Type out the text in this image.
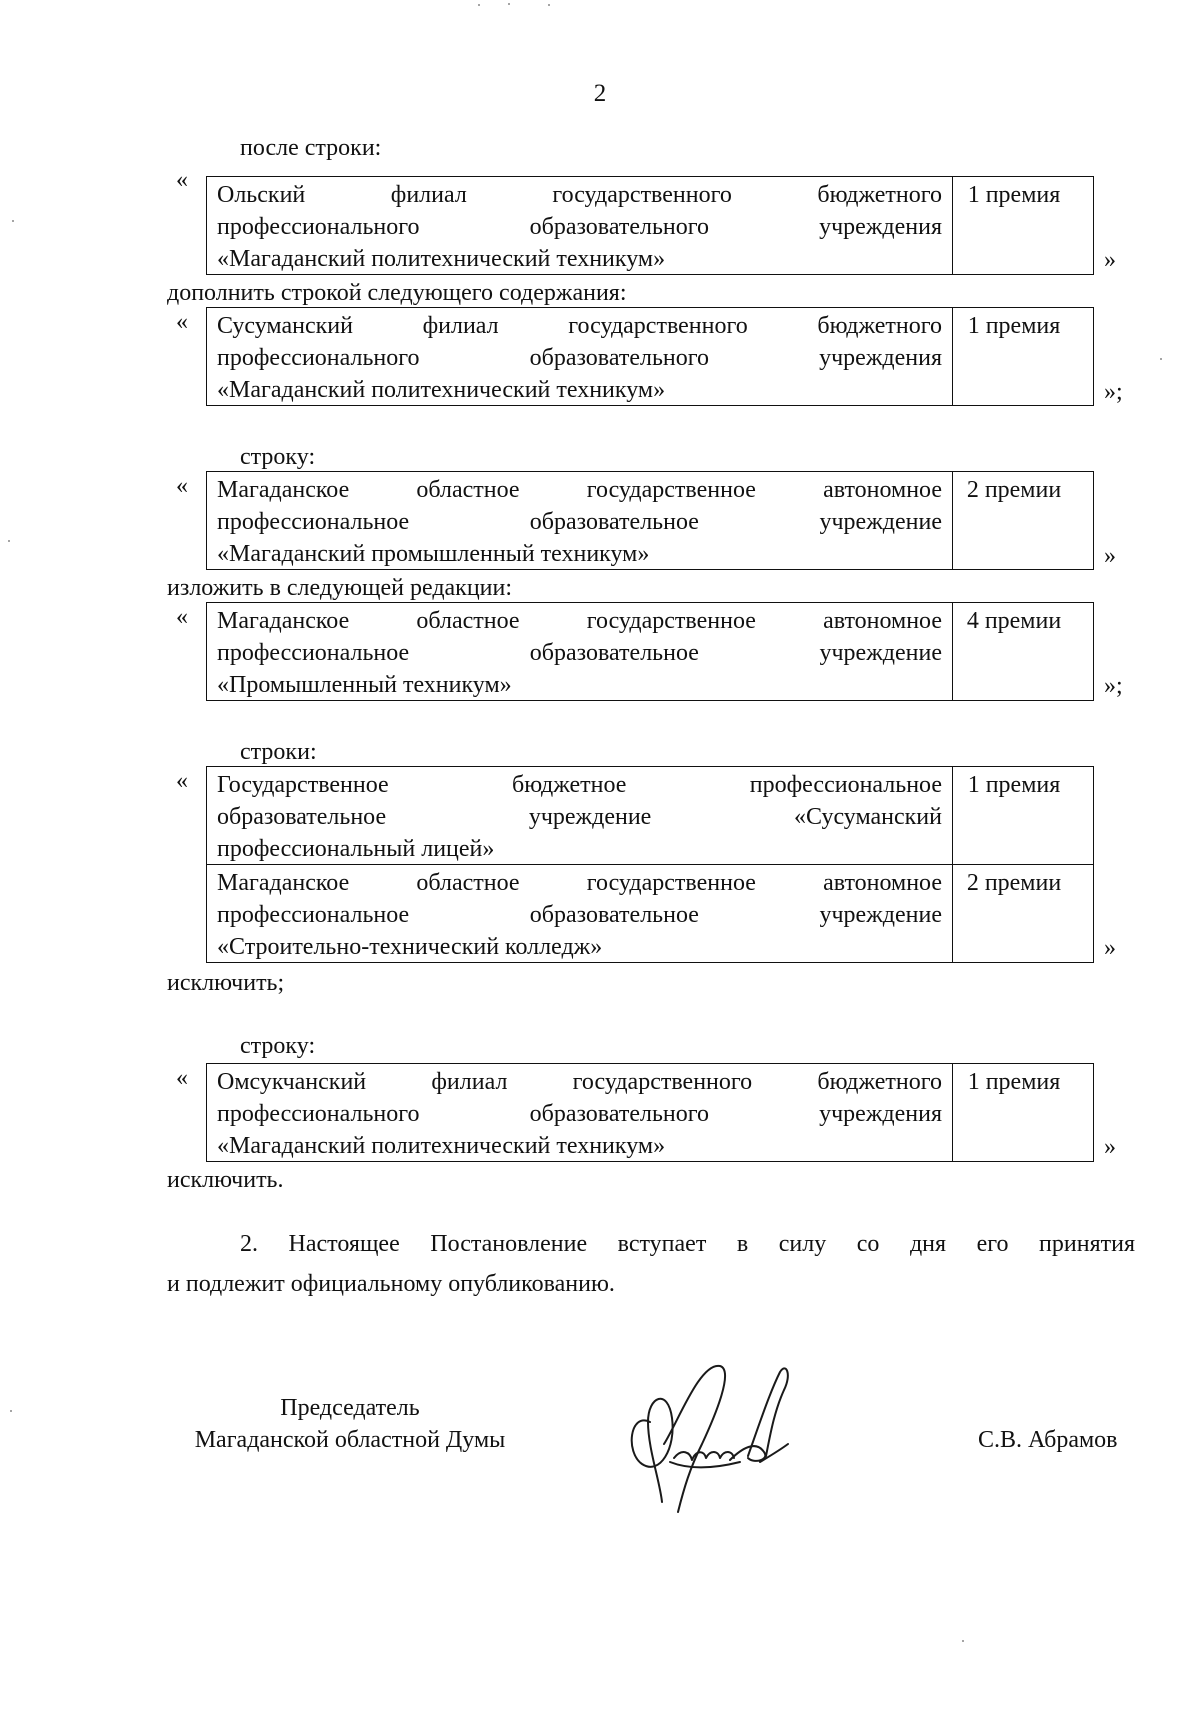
2
после строки:
«
Ольский филиал государственного бюджетного
профессионального образовательного учреждения
«Магаданский политехнический техникум»
1 премия
»
дополнить строкой следующего содержания:
« Сусуманский филиал государственного бюджетного
профессионального образовательного учреждения
«Магаданский политехнический техникум»
1 премия
»;
строку:
« Магаданское областное государственное автономное
профессиональное образовательное учреждение
«Магаданский промышленный техникум»
2 премии
»
изложить в следующей редакции:
« Магаданское областное государственное автономное
профессиональное образовательное учреждение
«Промышленный техникум»
4 премии
»;
строки:
« Государственное бюджетное профессиональное
образовательное учреждение «Сусуманский
профессиональный лицей»
1 премия
Магаданское областное государственное автономное
профессиональное образовательное учреждение
«Строительно-технический колледж»
2 премии
»
исключить;
строку:
« Омсукчанский филиал государственного бюджетного
профессионального образовательного учреждения
«Магаданский политехнический техникум»
1 премия
»
исключить.
2. Настоящее Постановление вступает в силу со дня его принятия
и подлежит официальному опубликованию.
Председатель
Магаданской областной Думы	С.В. Абрамов
